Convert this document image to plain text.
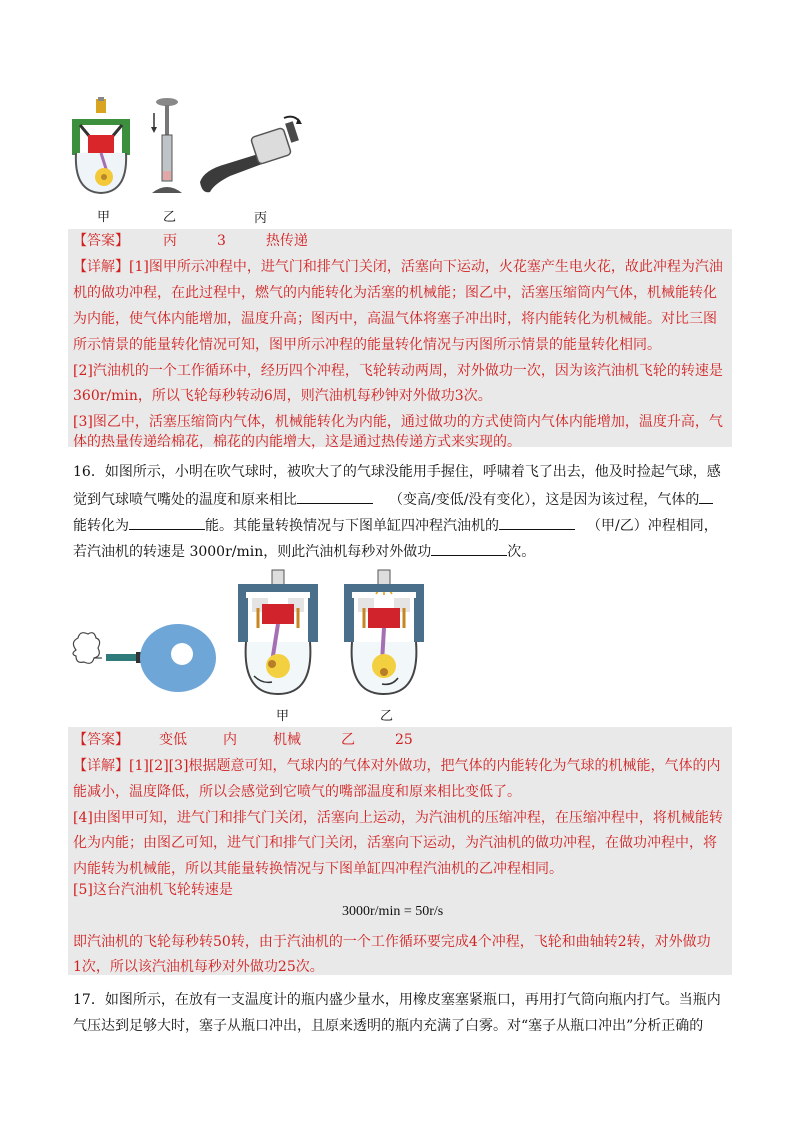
甲	乙	丙
【答案】 丙	3	热传递
【详解】[1]图甲所示冲程中，进气门和排气门关闭，活塞向下运动，火花塞产生电火花，故此冲程为汽油
机的做功冲程，在此过程中，燃气的内能转化为活塞的机械能；图乙中，活塞压缩筒内气体，机械能转化
为内能，使气体内能增加，温度升高；图丙中，高温气体将塞子冲出时，将内能转化为机械能。对比三图
所示情景的能量转化情况可知，图甲所示冲程的能量转化情况与丙图所示情景的能量转化相同。
[2]汽油机的一个工作循环中，经历四个冲程，飞轮转动两周，对外做功一次，因为该汽油机飞轮的转速是
360r/min，所以飞轮每秒转动6周，则汽油机每秒钟对外做功3次。
[3]图乙中，活塞压缩筒内气体，机械能转化为内能，通过做功的方式使筒内气体内能增加，温度升高，气
体的热量传递给棉花，棉花的内能增大，这是通过热传递方式来实现的。
16．如图所示，小明在吹气球时，被吹大了的气球没能用手握住，呼啸着飞了出去，他及时捡起气球，感
觉到气球喷气嘴处的温度和原来相比	（变高/变低/没有变化），这是因为该过程，气体的
能转化为	能。其能量转换情况与下图单缸四冲程汽油机的	（甲/乙）冲程相同，
若汽油机的转速是 3000r/min，则此汽油机每秒对外做功	次。
甲	乙
【答案】 变低	内	机械	乙	25
【详解】[1][2][3]根据题意可知，气球内的气体对外做功，把气体的内能转化为气球的机械能，气体的内
能减小，温度降低，所以会感觉到它喷气的嘴部温度和原来相比变低了。
[4]由图甲可知，进气门和排气门关闭，活塞向上运动，为汽油机的压缩冲程，在压缩冲程中，将机械能转
化为内能；由图乙可知，进气门和排气门关闭，活塞向下运动，为汽油机的做功冲程，在做功冲程中，将
内能转为机械能，所以其能量转换情况与下图单缸四冲程汽油机的乙冲程相同。
[5]这台汽油机飞轮转速是
3000r/min = 50r/s
即汽油机的飞轮每秒转50转，由于汽油机的一个工作循环要完成4个冲程，飞轮和曲轴转2转，对外做功
1次，所以该汽油机每秒对外做功25次。
17．如图所示，在放有一支温度计的瓶内盛少量水，用橡皮塞塞紧瓶口，再用打气筒向瓶内打气。当瓶内
气压达到足够大时，塞子从瓶口冲出，且原来透明的瓶内充满了白雾。对“塞子从瓶口冲出”分析正确的
